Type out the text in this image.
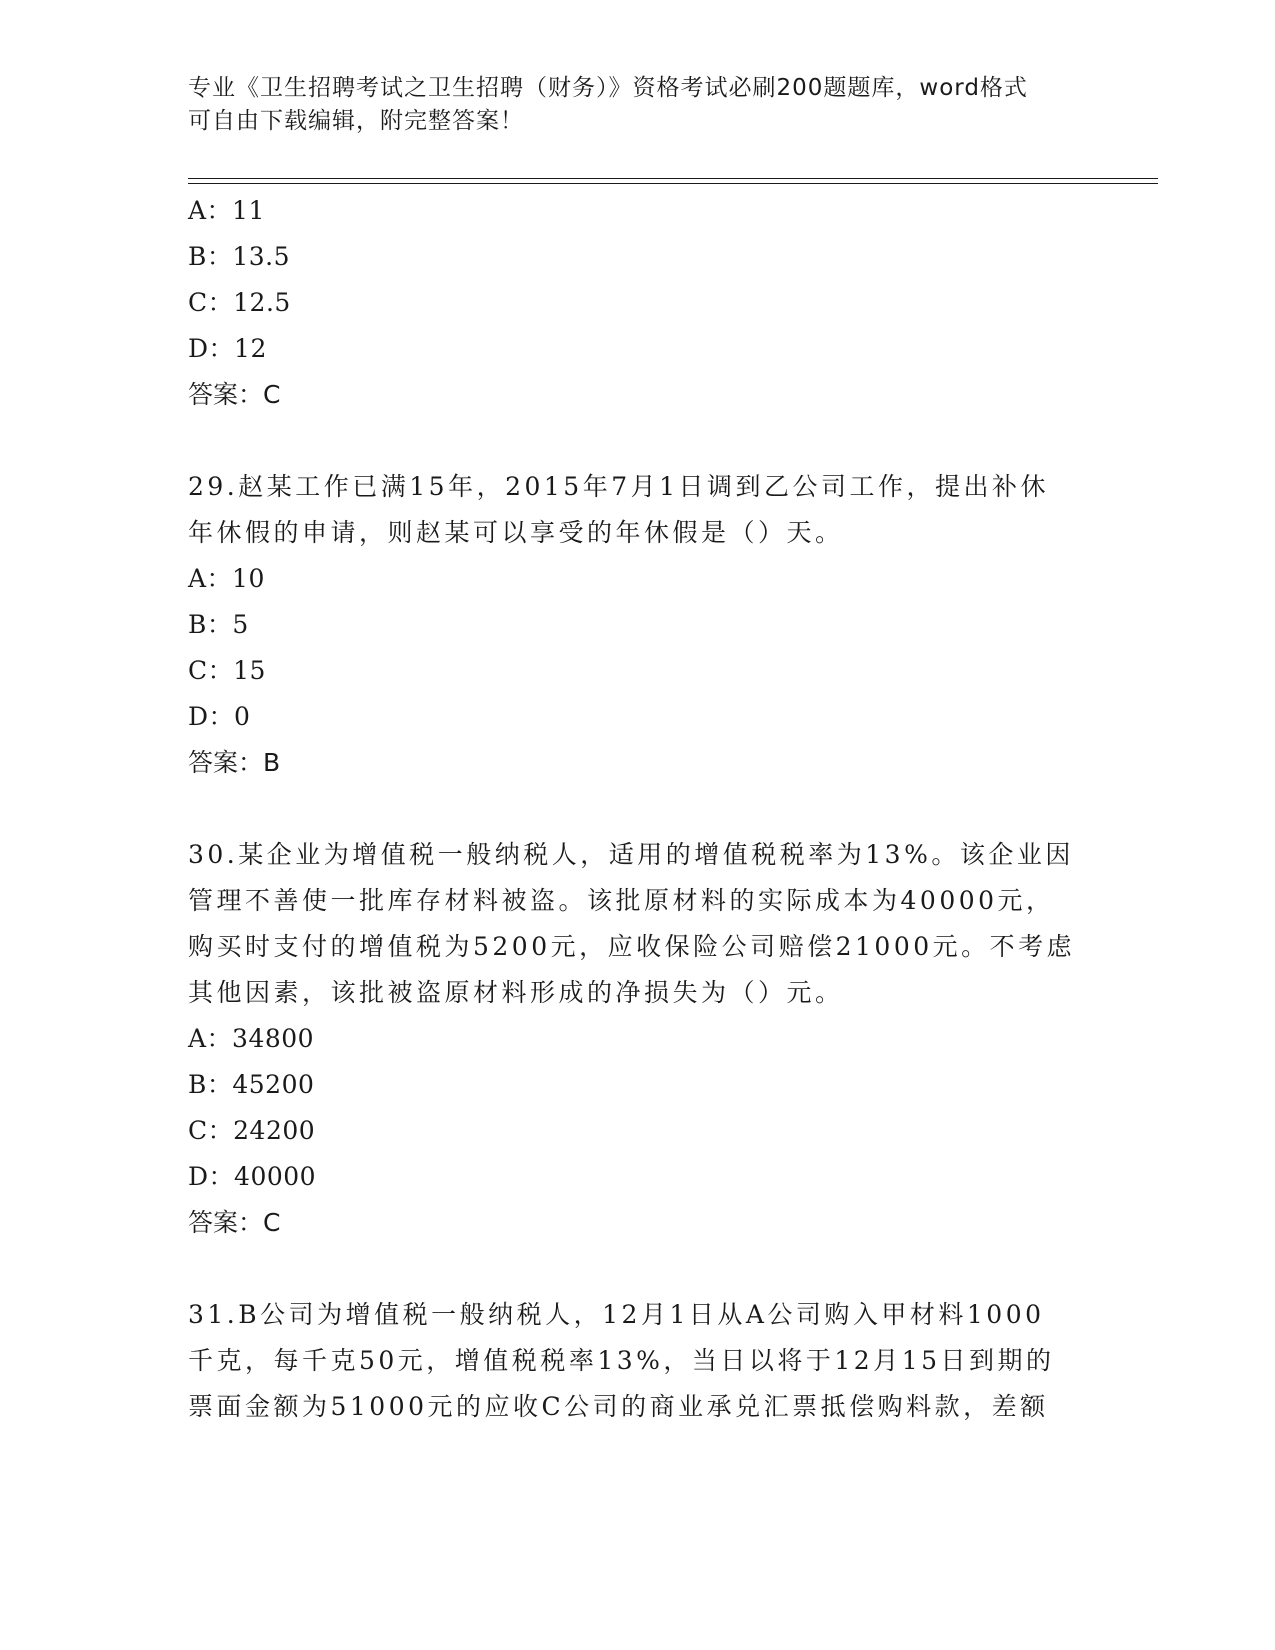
专业《卫生招聘考试之卫生招聘（财务）》资格考试必刷200题题库，word格式
可自由下载编辑，附完整答案！
A：11
B：13.5
C：12.5
D：12
答案：C
29.赵某工作已满15年，2015年7月1日调到乙公司工作，提出补休
年休假的申请，则赵某可以享受的年休假是（）天。
A：10
B：5
C：15
D：0
答案：B
30.某企业为增值税一般纳税人，适用的增值税税率为13%。该企业因
管理不善使一批库存材料被盗。该批原材料的实际成本为40000元，
购买时支付的增值税为5200元，应收保险公司赔偿21000元。不考虑
其他因素，该批被盗原材料形成的净损失为（）元。
A：34800
B：45200
C：24200
D：40000
答案：C
31.B公司为增值税一般纳税人，12月1日从A公司购入甲材料1000
千克，每千克50元，增值税税率13%，当日以将于12月15日到期的
票面金额为51000元的应收C公司的商业承兑汇票抵偿购料款，差额
